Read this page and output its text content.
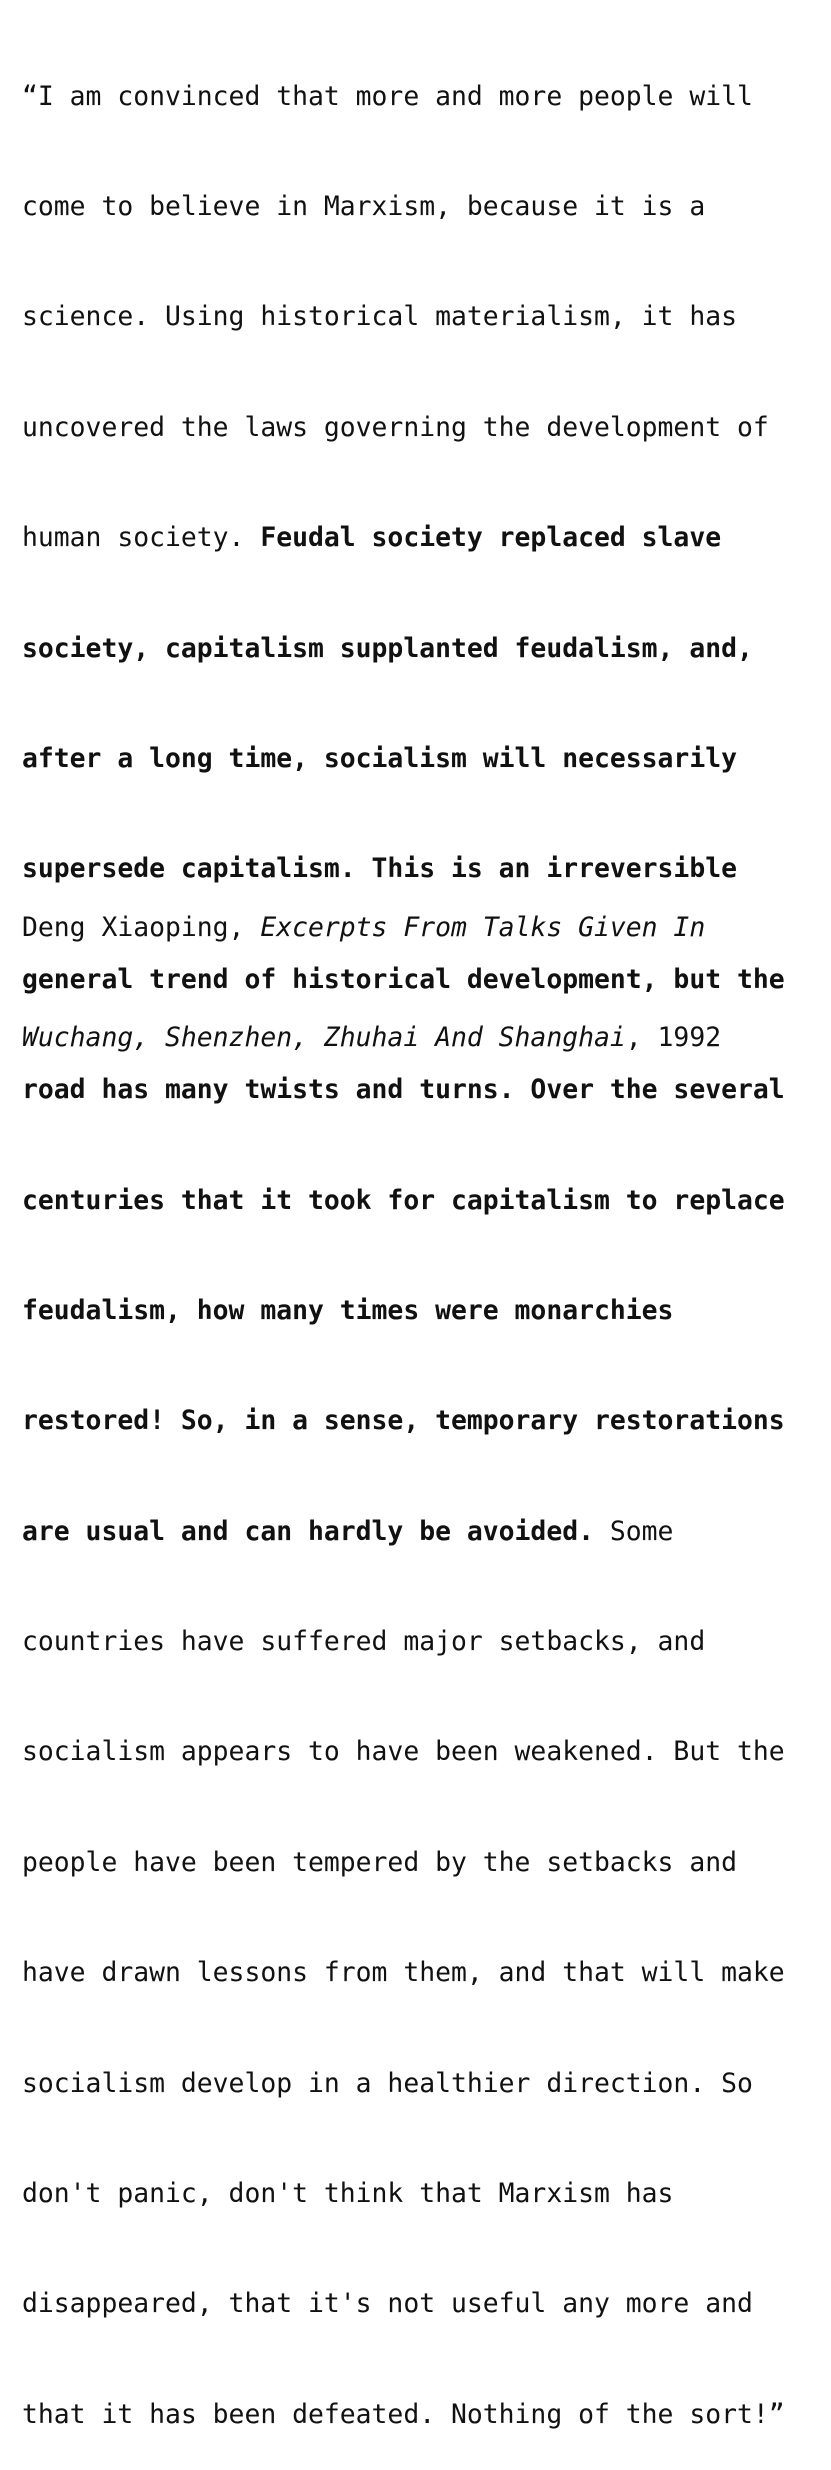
“I am convinced that more and more people will

come to believe in Marxism, because it is a

science. Using historical materialism, it has

uncovered the laws governing the development of

human society. Feudal society replaced slave

society, capitalism supplanted feudalism, and,

after a long time, socialism will necessarily

supersede capitalism. This is an irreversible

general trend of historical development, but the

road has many twists and turns. Over the several

centuries that it took for capitalism to replace

feudalism, how many times were monarchies

restored! So, in a sense, temporary restorations

are usual and can hardly be avoided. Some

countries have suffered major setbacks, and

socialism appears to have been weakened. But the

people have been tempered by the setbacks and

have drawn lessons from them, and that will make

socialism develop in a healthier direction. So

don't panic, don't think that Marxism has

disappeared, that it's not useful any more and

that it has been defeated. Nothing of the sort!”

Deng Xiaoping, Excerpts From Talks Given In

Wuchang, Shenzhen, Zhuhai And Shanghai, 1992
